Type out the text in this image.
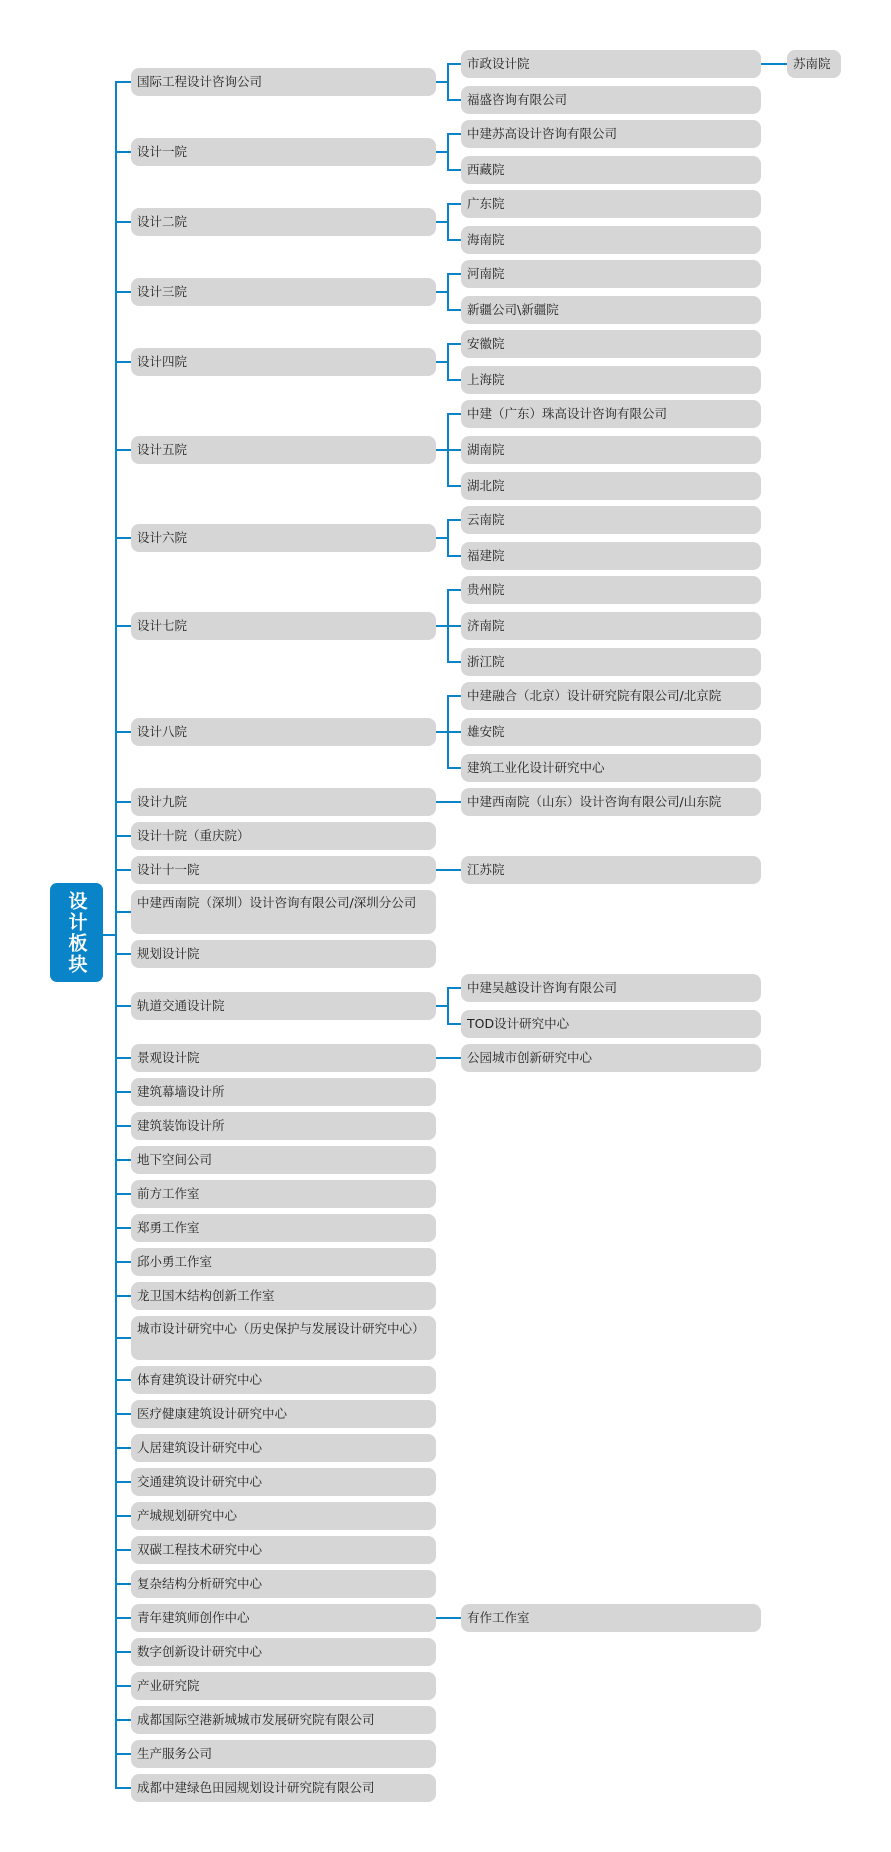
设计板块
国际工程设计咨询公司
市政设计院
福盛咨询有限公司
设计一院
中建苏高设计咨询有限公司
西藏院
设计二院
广东院
海南院
设计三院
河南院
新疆公司\新疆院
设计四院
安徽院
上海院
设计五院
中建（广东）珠高设计咨询有限公司
湖南院
湖北院
设计六院
云南院
福建院
设计七院
贵州院
济南院
浙江院
设计八院
中建融合（北京）设计研究院有限公司/北京院
雄安院
建筑工业化设计研究中心
设计九院	中建西南院（山东）设计咨询有限公司/山东院
设计十院（重庆院）
设计十一院	江苏院
中建西南院（深圳）设计咨询有限公司/深圳分公司
规划设计院
轨道交通设计院
中建吴越设计咨询有限公司
TOD设计研究中心
景观设计院	公园城市创新研究中心
建筑幕墙设计所
建筑装饰设计所
地下空间公司
前方工作室
郑勇工作室
邱小勇工作室
龙卫国木结构创新工作室
城市设计研究中心（历史保护与发展设计研究中心）
体育建筑设计研究中心
医疗健康建筑设计研究中心
人居建筑设计研究中心
交通建筑设计研究中心
产城规划研究中心
双碳工程技术研究中心
复杂结构分析研究中心
青年建筑师创作中心	有作工作室
数字创新设计研究中心
产业研究院
成都国际空港新城城市发展研究院有限公司
生产服务公司
成都中建绿色田园规划设计研究院有限公司
苏南院
